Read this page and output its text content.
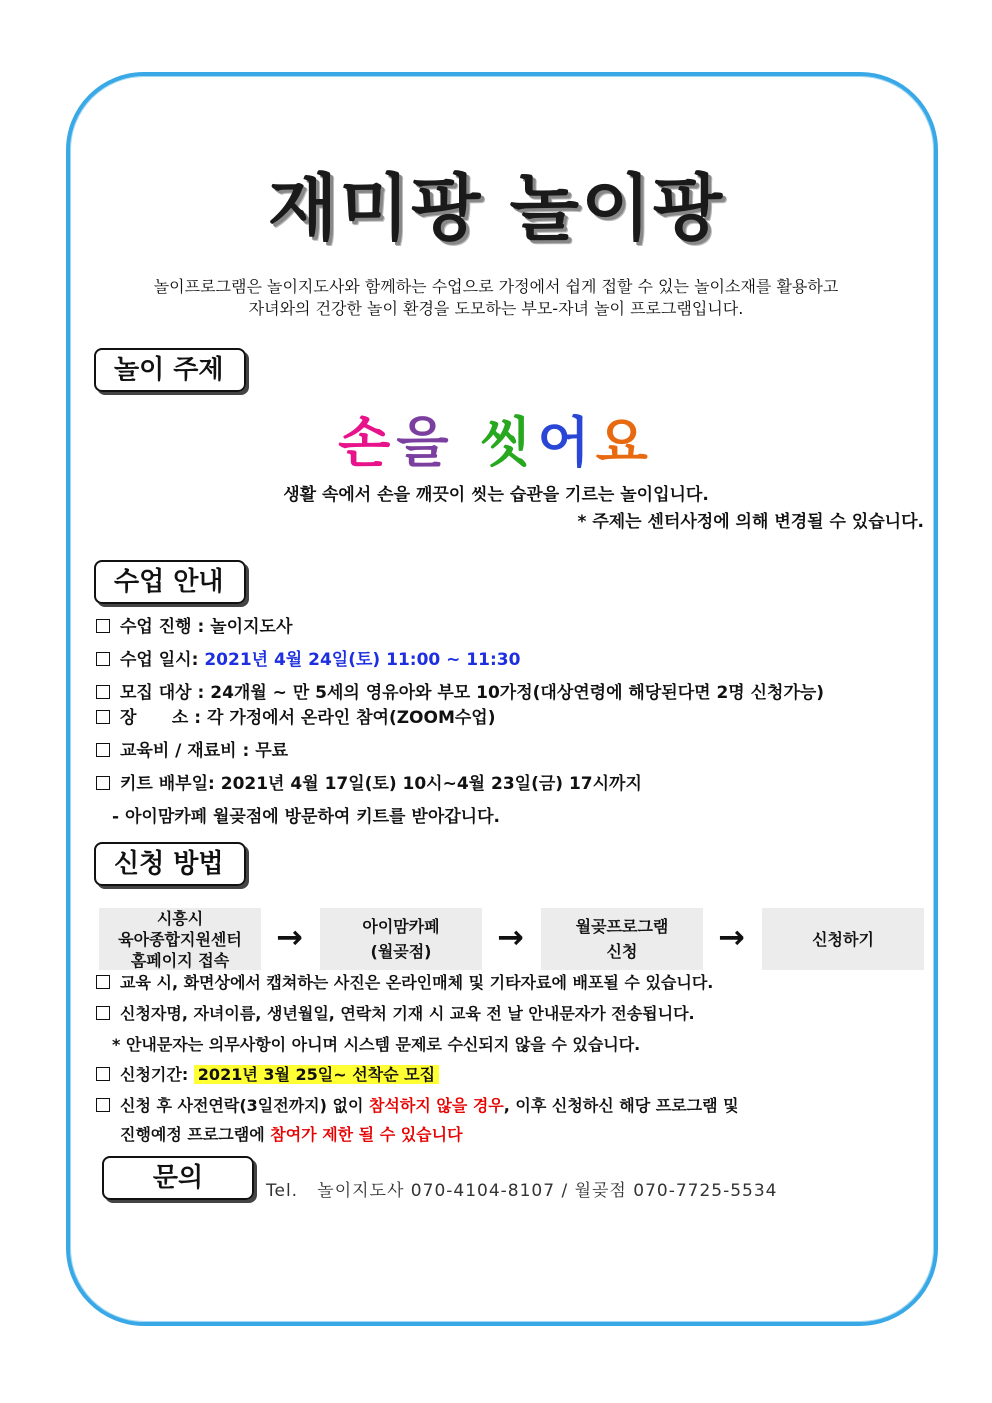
재미팡 놀이팡
놀이프로그램은 놀이지도사와 함께하는 수업으로 가정에서 쉽게 접할 수 있는 놀이소재를 활용하고
자녀와의 건강한 놀이 환경을 도모하는 부모-자녀 놀이 프로그램입니다.
놀이 주제
손을 씻어요
생활 속에서 손을 깨끗이 씻는 습관을 기르는 놀이입니다.
* 주제는 센터사정에 의해 변경될 수 있습니다.
수업 안내
수업 진행 : 놀이지도사
수업 일시: 2021년 4월 24일(토) 11:00 ~ 11:30
모집 대상 : 24개월 ~ 만 5세의 영유아와 부모 10가정(대상연령에 해당된다면 2명 신청가능)
장      소 : 각 가정에서 온라인 참여(ZOOM수업)
교육비 / 재료비 : 무료
키트 배부일: 2021년 4월 17일(토) 10시~4월 23일(금) 17시까지
- 아이맘카페 월곶점에 방문하여 키트를 받아갑니다.
신청 방법
시흥시
육아종합지원센터
홈페이지 접속
→	아이맘카페
(월곶점) →	월곶프로그램
신청	→	신청하기
교육 시, 화면상에서 캡쳐하는 사진은 온라인매체 및 기타자료에 배포될 수 있습니다.
신청자명, 자녀이름, 생년월일, 연락처 기재 시 교육 전 날 안내문자가 전송됩니다.
* 안내문자는 의무사항이 아니며 시스템 문제로 수신되지 않을 수 있습니다.
신청기간: 2021년 3월 25일~ 선착순 모집
신청 후 사전연락(3일전까지) 없이 참석하지 않을 경우, 이후 신청하신 해당 프로그램 및
진행예정 프로그램에 참여가 제한 될 수 있습니다
문의	Tel.   놀이지도사 070-4104-8107 / 월곶점 070-7725-5534
